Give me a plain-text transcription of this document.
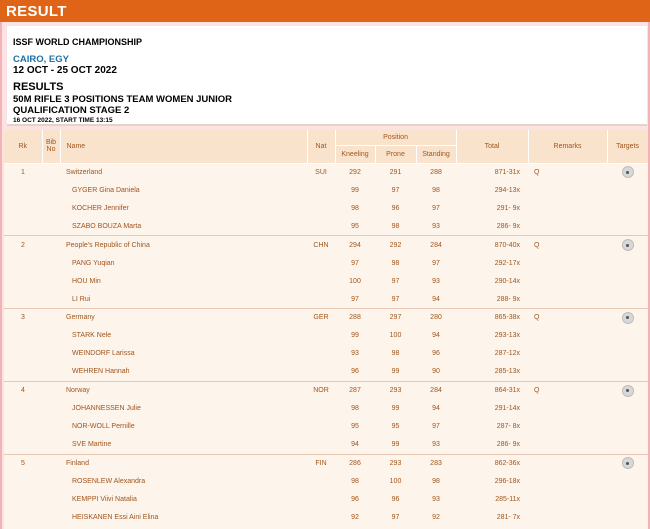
RESULT
ISSF WORLD CHAMPIONSHIP
CAIRO, EGY
12 OCT - 25 OCT 2022
RESULTS
50M RIFLE 3 POSITIONS TEAM WOMEN JUNIOR
QUALIFICATION STAGE 2
16 OCT 2022, START TIME 13:15
Rk	Bib No	Name	Nat	Position			Total	Remarks	Targets
				Kneeling	Prone	Standing			
1		Switzerland	SUI	292	291	288	871-31x	Q	
		GYGER Gina Daniela		99	97	98	294-13x		
		KOCHER Jennifer		98	96	97	291- 9x		
		SZABO BOUZA Marta		95	98	93	286- 9x		
2		People's Republic of China	CHN	294	292	284	870-40x	Q	
		PANG Yuqian		97	98	97	292-17x		
		HOU Min		100	97	93	290-14x		
		LI Rui		97	97	94	288- 9x		
3		Germany	GER	288	297	280	865-38x	Q	
		STARK Nele		99	100	94	293-13x		
		WEINDORF Larissa		93	98	96	287-12x		
		WEHREN Hannah		96	99	90	285-13x		
4		Norway	NOR	287	293	284	864-31x	Q	
		JOHANNESSEN Julie		98	99	94	291-14x		
		NOR-WOLL Pernille		95	95	97	287- 8x		
		SVE Martine		94	99	93	286- 9x		
5		Finland	FIN	286	293	283	862-36x		
		ROSENLEW Alexandra		98	100	98	296-18x		
		KEMPPI Viivi Natalia		96	96	93	285-11x		
		HEISKANEN Essi Aini Elina		92	97	92	281- 7x		
